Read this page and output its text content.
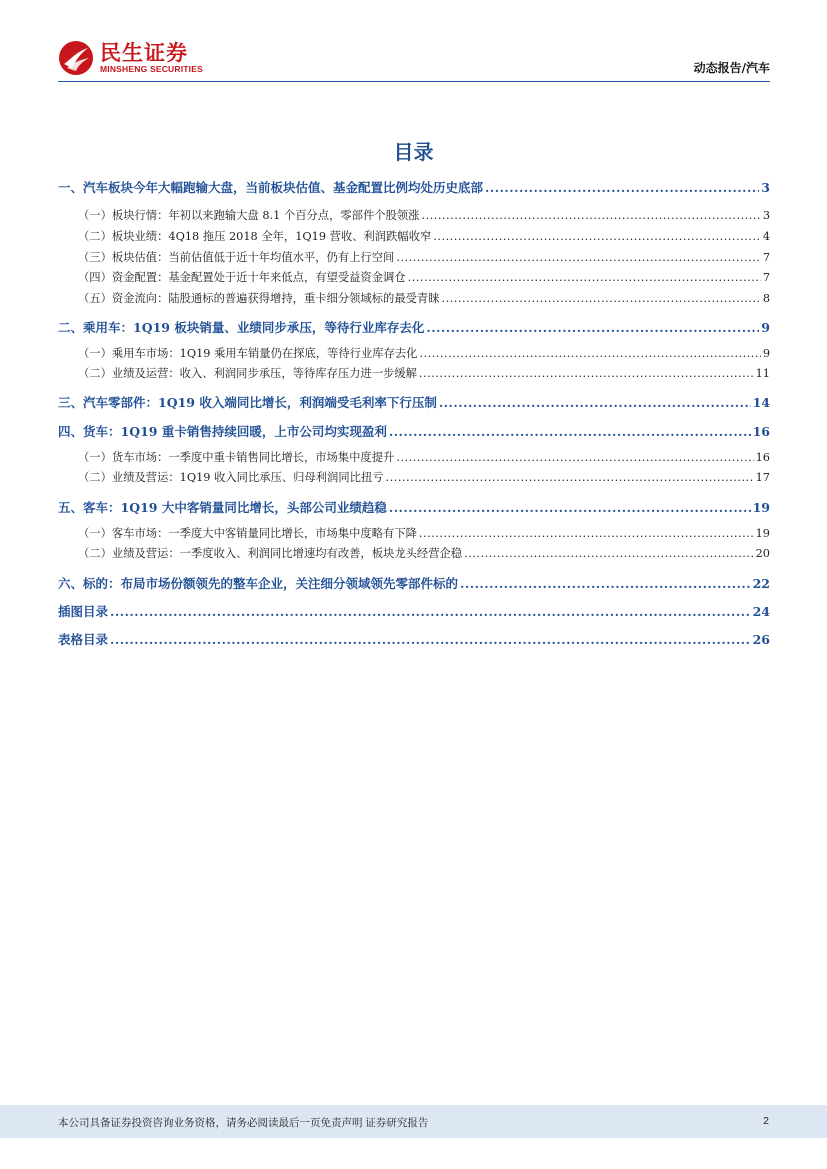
民生证券
MINSHENG SECURITIES	动态报告/汽车
目录
一、汽车板块今年大幅跑输大盘，当前板块估值、基金配置比例均处历史底部 .....	3
（一）板块行情：年初以来跑输大盘 8.1 个百分点，零部件个股领涨 .....	3
（二）板块业绩：4Q18 拖压 2018 全年，1Q19 营收、利润跌幅收窄 .....	4
（三）板块估值：当前估值低于近十年均值水平，仍有上行空间 .....	7
（四）资金配置：基金配置处于近十年来低点，有望受益资金调仓 .....	7
（五）资金流向：陆股通标的普遍获得增持，重卡细分领域标的最受青睐 .....	8
二、乘用车：1Q19 板块销量、业绩同步承压，等待行业库存去化 .....	9
（一）乘用车市场：1Q19 乘用车销量仍在探底，等待行业库存去化 .....	9
（二）业绩及运营：收入、利润同步承压，等待库存压力进一步缓解 .....	11
三、汽车零部件：1Q19 收入端同比增长，利润端受毛利率下行压制 .....	14
四、货车：1Q19 重卡销售持续回暖，上市公司均实现盈利 .....	16
（一）货车市场：一季度中重卡销售同比增长，市场集中度提升 .....	16
（二）业绩及营运：1Q19 收入同比承压、归母利润同比扭亏 .....	17
五、客车：1Q19 大中客销量同比增长，头部公司业绩趋稳 .....	19
（一）客车市场：一季度大中客销量同比增长，市场集中度略有下降 .....	19
（二）业绩及营运：一季度收入、利润同比增速均有改善，板块龙头经营企稳 .....	20
六、标的：布局市场份额领先的整车企业，关注细分领域领先零部件标的 .....	22
插图目录 .....	24
表格目录 .....	26
本公司具备证券投资咨询业务资格，请务必阅读最后一页免责声明 证券研究报告	2
